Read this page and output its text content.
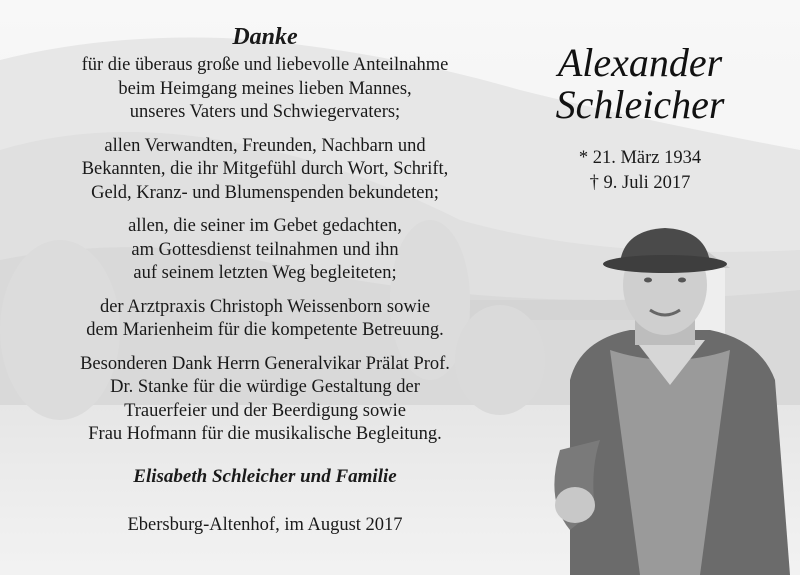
Danke
für die überaus große und liebevolle Anteilnahme
beim Heimgang meines lieben Mannes,
unseres Vaters und Schwiegervaters;
allen Verwandten, Freunden, Nachbarn und
Bekannten, die ihr Mitgefühl durch Wort, Schrift,
Geld, Kranz- und Blumenspenden bekundeten;
allen, die seiner im Gebet gedachten,
am Gottesdienst teilnahmen und ihn
auf seinem letzten Weg begleiteten;
der Arztpraxis Christoph Weissenborn sowie
dem Marienheim für die kompetente Betreuung.
Besonderen Dank Herrn Generalvikar Prälat Prof.
Dr. Stanke für die würdige Gestaltung der
Trauerfeier und der Beerdigung sowie
Frau Hofmann für die musikalische Begleitung.
Elisabeth Schleicher und Familie
Ebersburg-Altenhof, im August 2017
Alexander
Schleicher
* 21. März 1934
† 9. Juli 2017
